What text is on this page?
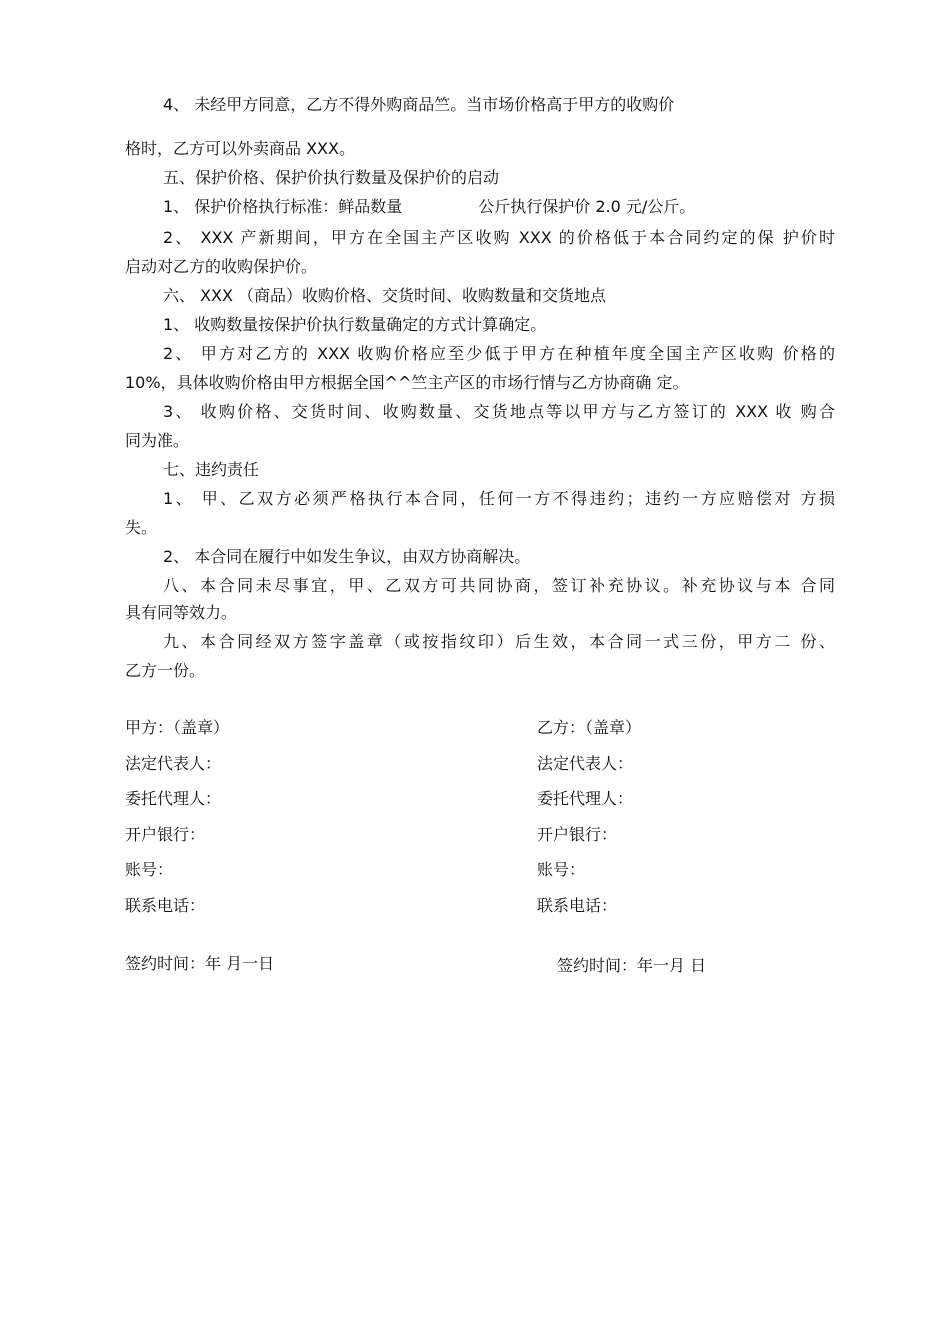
4、 未经甲方同意，乙方不得外购商品竺。当市场价格高于甲方的收购价
格时，乙方可以外卖商品 XXX。
五、保护价格、保护价执行数量及保护价的启动
1、 保护价格执行标准：鲜品数量	公斤执行保护价 2.0 元/公斤。
2、 XXX 产新期间，甲方在全国主产区收购 XXX 的价格低于本合同约定的保 护价时
启动对乙方的收购保护价。
六、 XXX （商品）收购价格、交货时间、收购数量和交货地点
1、 收购数量按保护价执行数量确定的方式计算确定。
2、 甲方对乙方的 XXX 收购价格应至少低于甲方在种植年度全国主产区收购 价格的
10%，具体收购价格由甲方根据全国^^竺主产区的市场行情与乙方协商确 定。
3、 收购价格、交货时间、收购数量、交货地点等以甲方与乙方签订的 XXX 收 购合
同为准。
七、违约责任
1、 甲、乙双方必须严格执行本合同，任何一方不得违约；违约一方应赔偿对 方损
失。
2、 本合同在履行中如发生争议，由双方协商解决。
八、本合同未尽事宜，甲、乙双方可共同协商，签订补充协议。补充协议与本 合同
具有同等效力。
九、本合同经双方签字盖章（或按指纹印）后生效，本合同一式三份，甲方二 份、
乙方一份。
甲方：（盖章）
法定代表人：
委托代理人：
开户银行：
账号：
联系电话：
签约时间：年 月一日
乙方：（盖章）
法定代表人：
委托代理人：
开户银行：
账号：
联系电话：
签约时间：年一月 日
